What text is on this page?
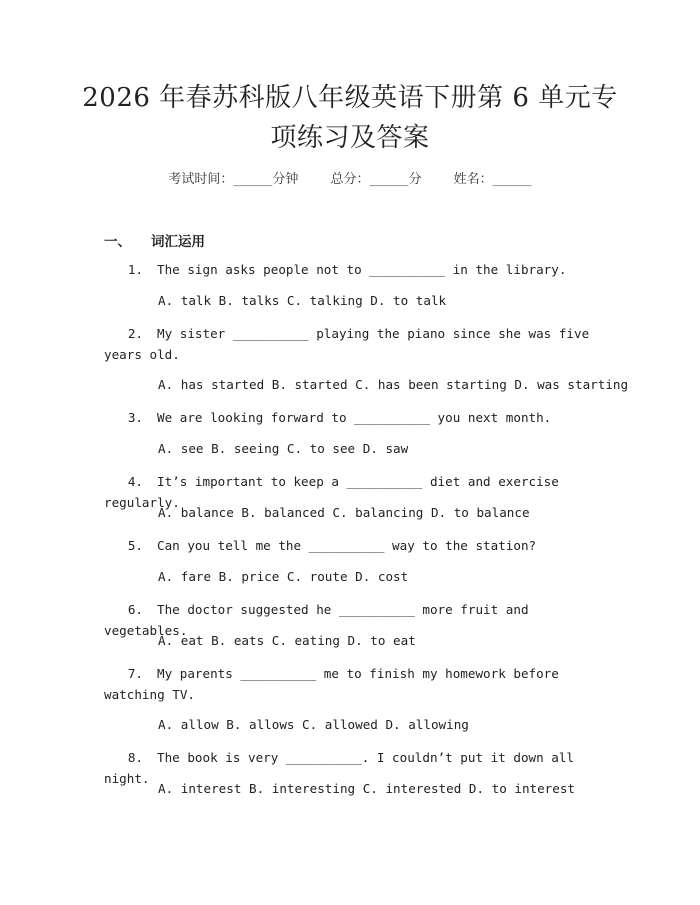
2026 年春苏科版八年级英语下册第 6 单元专
项练习及答案
考试时间：______分钟 总分：______分 姓名：______
一、 词汇运用
1. The sign asks people not to __________ in the library.
A. talk B. talks C. talking D. to talk
2. My sister __________ playing the piano since she was five years old.
A. has started B. started C. has been starting D. was starting
3. We are looking forward to __________ you next month.
A. see B. seeing C. to see D. saw
4. It’s important to keep a __________ diet and exercise regularly.
A. balance B. balanced C. balancing D. to balance
5. Can you tell me the __________ way to the station?
A. fare B. price C. route D. cost
6. The doctor suggested he __________ more fruit and vegetables.
A. eat B. eats C. eating D. to eat
7. My parents __________ me to finish my homework before watching TV.
A. allow B. allows C. allowed D. allowing
8. The book is very __________. I couldn’t put it down all night.
A. interest B. interesting C. interested D. to interest
